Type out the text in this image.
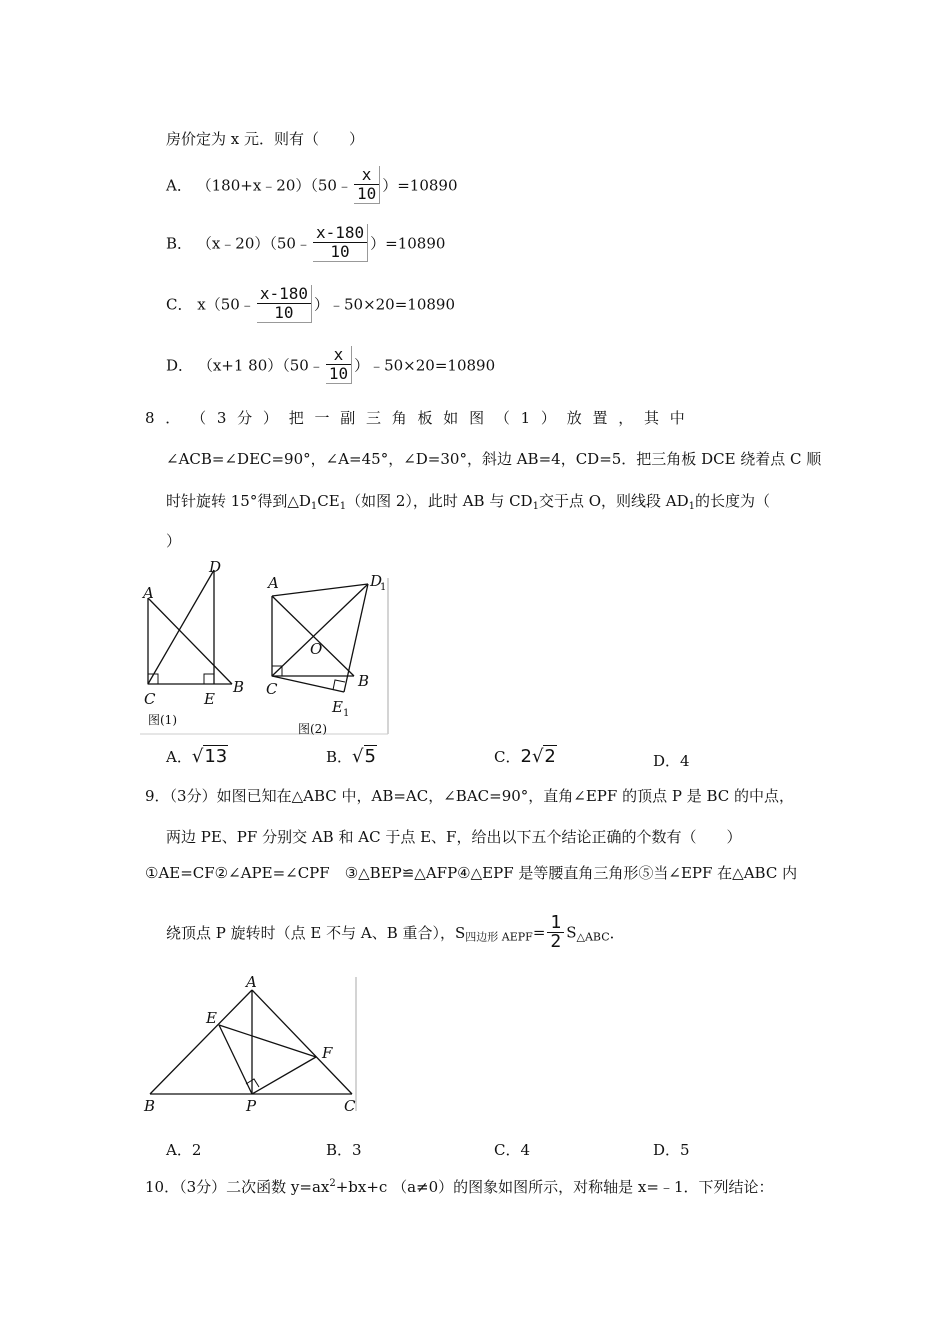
房价定为 x 元．则有（　　）
A． （180+x﹣20）（50﹣ $\frac{x}{10} )=10890$
B． （x﹣20）（50﹣ $\frac{x-180}{10} )=10890$
C． x（50﹣ $\frac{x-180}{10}$ ）﹣50×20=10890
D． （x+1 80）（50﹣ $\frac{x}{10}$ ）﹣50×20=10890
8 ． （ 3 分 ） 把 一 副 三 角 板 如 图 （ 1 ） 放 置 ， 其 中
∠ACB=∠DEC=90°，∠A=45°，∠D=30°，斜边 AB=4，CD=5．把三角板 DCE 绕着点 C 顺
时针旋转 15°得到$\triangle D_1CE_1$（如图 2），此时 AB 与 $CD_1$交于点 O，则线段 $AD_1$的长度为（
）
A
D
C	E
B
图(1)
A	D
1
O
C	B
E 1
图(2)
A．√13	B．√5	C．2√2	D．4
9．（3分）如图已知在△ABC 中，AB=AC，∠BAC=90°，直角∠EPF 的顶点 P 是 BC 的中点，
两边 PE、PF 分别交 AB 和 AC 于点 E、F，给出以下五个结论正确的个数有（　　）
①AE=CF②∠APE=∠CPF　③△BEP≌△AFP④△EPF 是等腰直角三角形⑤当∠EPF 在△ABC 内
绕顶点 P 旋转时（点 E 不与 A、B 重合），$S_{四边形 AEPF}= \frac{1}{2} S_{\triangle ABC}$．
A
E
F
B	P	C
A．2	B．3	C．4	D．5
10．（3分）二次函数 $y=ax^2+bx+c$ （a≠0）的图象如图所示，对称轴是 x=﹣1．下列结论：
